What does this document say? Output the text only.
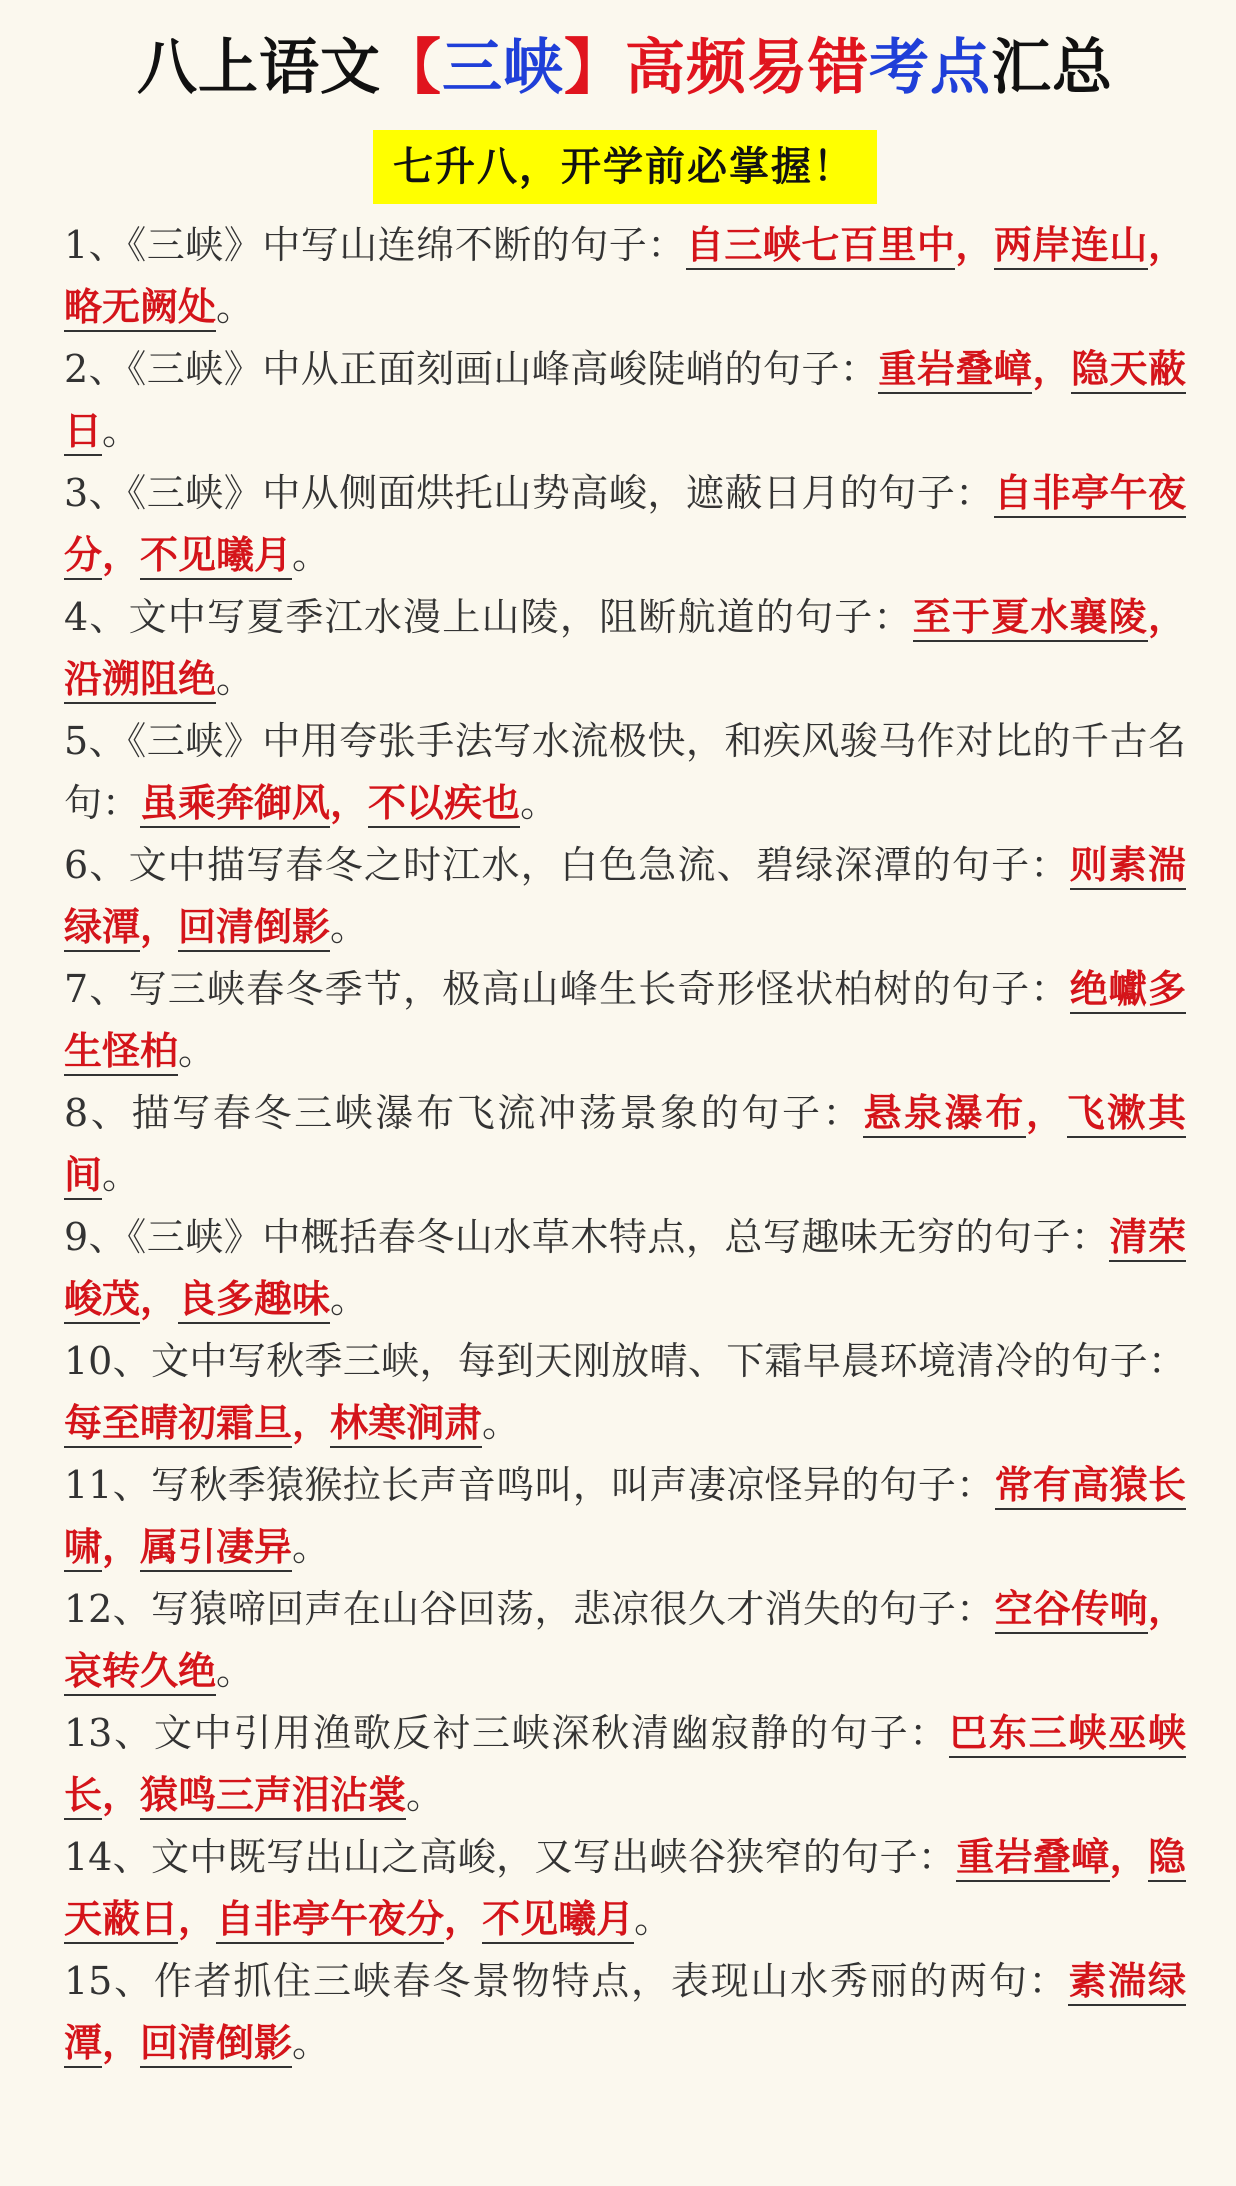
八上语文【三峡】高频易错考点汇总
七升八，开学前必掌握！
1、《三峡》中写山连绵不断的句子：自三峡七百里中，两岸连山，略无阙处。
2、《三峡》中从正面刻画山峰高峻陡峭的句子：重岩叠嶂，隐天蔽日。
3、《三峡》中从侧面烘托山势高峻，遮蔽日月的句子：自非亭午夜分，不见曦月。
4、文中写夏季江水漫上山陵，阻断航道的句子：至于夏水襄陵，沿溯阻绝。
5、《三峡》中用夸张手法写水流极快，和疾风骏马作对比的千古名句：虽乘奔御风，不以疾也。
6、文中描写春冬之时江水，白色急流、碧绿深潭的句子：则素湍绿潭，回清倒影。
7、写三峡春冬季节，极高山峰生长奇形怪状柏树的句子：绝巘多生怪柏。
8、描写春冬三峡瀑布飞流冲荡景象的句子：悬泉瀑布，飞漱其间。
9、《三峡》中概括春冬山水草木特点，总写趣味无穷的句子：清荣峻茂，良多趣味。
10、文中写秋季三峡，每到天刚放晴、下霜早晨环境清冷的句子：每至晴初霜旦，林寒涧肃。
11、写秋季猿猴拉长声音鸣叫，叫声凄凉怪异的句子：常有高猿长啸，属引凄异。
12、写猿啼回声在山谷回荡，悲凉很久才消失的句子：空谷传响，哀转久绝。
13、文中引用渔歌反衬三峡深秋清幽寂静的句子：巴东三峡巫峡长，猿鸣三声泪沾裳。
14、文中既写出山之高峻，又写出峡谷狭窄的句子：重岩叠嶂，隐天蔽日，自非亭午夜分，不见曦月。
15、作者抓住三峡春冬景物特点，表现山水秀丽的两句：素湍绿潭，回清倒影。
